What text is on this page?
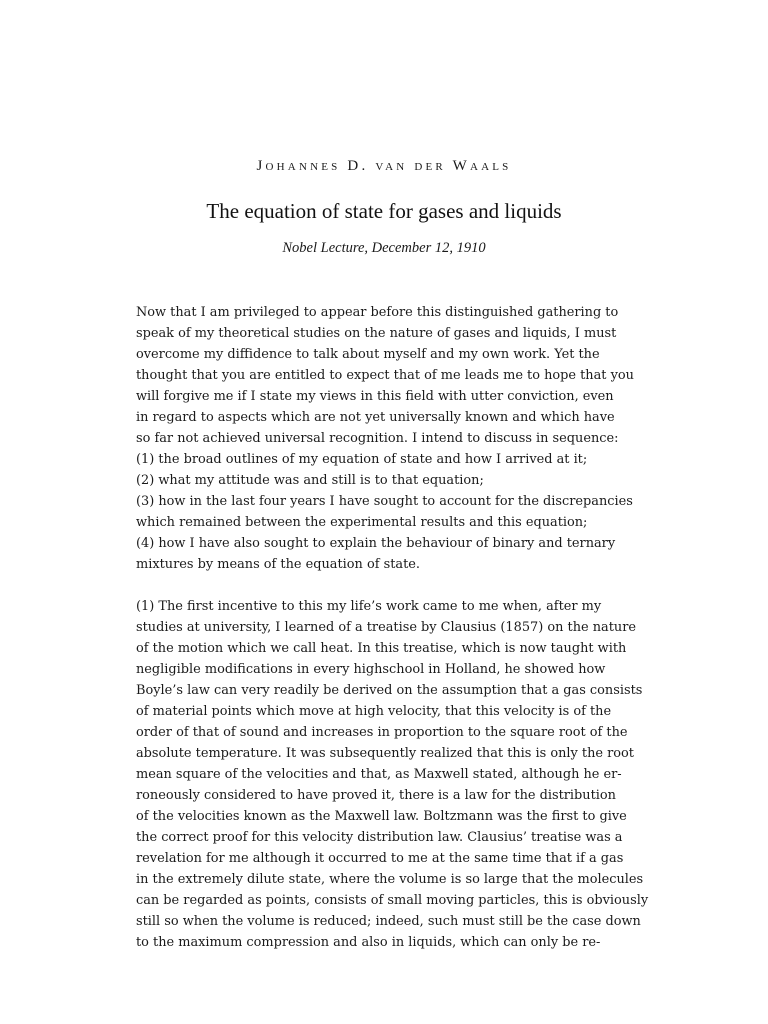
Johannes D. van der Waals
The equation of state for gases and liquids
Nobel Lecture, December 12, 1910
Now that I am privileged to appear before this distinguished gathering to
speak of my theoretical studies on the nature of gases and liquids, I must
overcome my diffidence to talk about myself and my own work. Yet the
thought that you are entitled to expect that of me leads me to hope that you
will forgive me if I state my views in this field with utter conviction, even
in regard to aspects which are not yet universally known and which have
so far not achieved universal recognition. I intend to discuss in sequence:
(1) the broad outlines of my equation of state and how I arrived at it;
(2) what my attitude was and still is to that equation;
(3) how in the last four years I have sought to account for the discrepancies
which remained between the experimental results and this equation;
(4) how I have also sought to explain the behaviour of binary and ternary
mixtures by means of the equation of state.
(1) The first incentive to this my life’s work came to me when, after my
studies at university, I learned of a treatise by Clausius (1857) on the nature
of the motion which we call heat. In this treatise, which is now taught with
negligible modifications in every highschool in Holland, he showed how
Boyle’s law can very readily be derived on the assumption that a gas consists
of material points which move at high velocity, that this velocity is of the
order of that of sound and increases in proportion to the square root of the
absolute temperature. It was subsequently realized that this is only the root
mean square of the velocities and that, as Maxwell stated, although he er-
roneously considered to have proved it, there is a law for the distribution
of the velocities known as the Maxwell law. Boltzmann was the first to give
the correct proof for this velocity distribution law. Clausius’ treatise was a
revelation for me although it occurred to me at the same time that if a gas
in the extremely dilute state, where the volume is so large that the molecules
can be regarded as points, consists of small moving particles, this is obviously
still so when the volume is reduced; indeed, such must still be the case down
to the maximum compression and also in liquids, which can only be re-
